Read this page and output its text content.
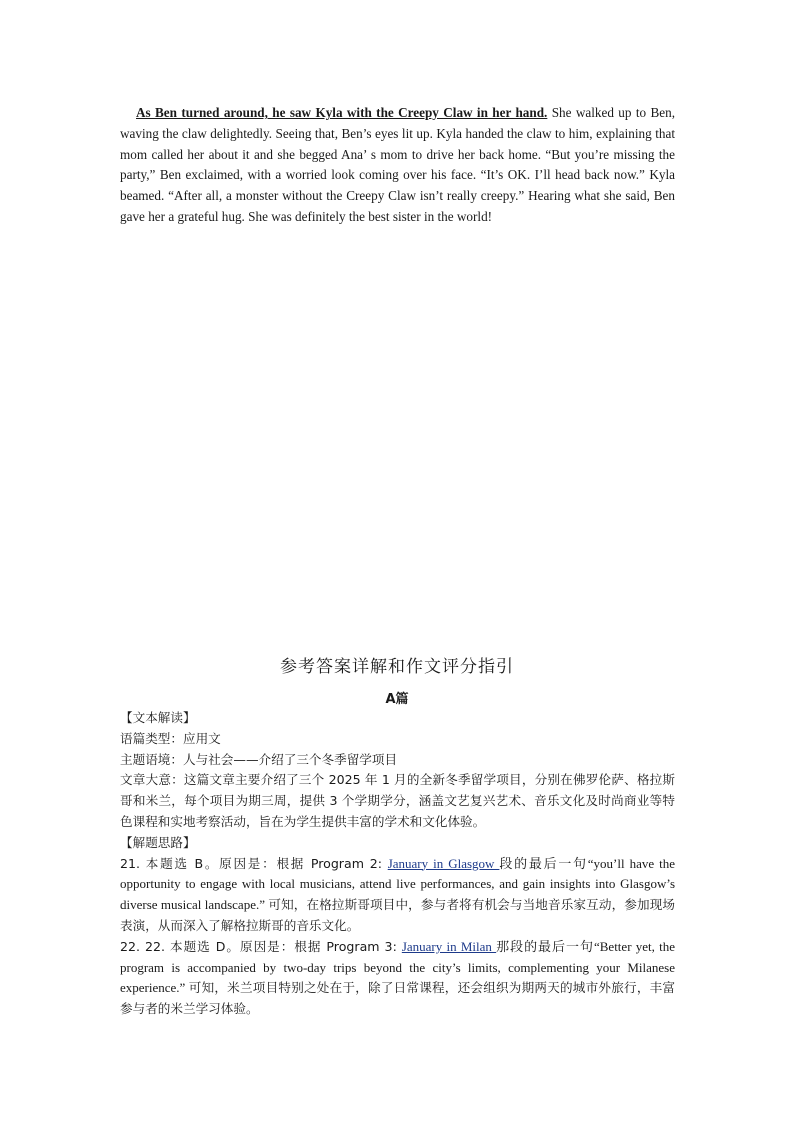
As Ben turned around, he saw Kyla with the Creepy Claw in her hand. She walked up to Ben, waving the claw delightedly. Seeing that, Ben’s eyes lit up. Kyla handed the claw to him, explaining that mom called her about it and she begged Ana’ s mom to drive her back home. “But you’re missing the party,” Ben exclaimed, with a worried look coming over his face. “It’s OK. I’ll head back now.” Kyla beamed. “After all, a monster without the Creepy Claw isn’t really creepy.” Hearing what she said, Ben gave her a grateful hug. She was definitely the best sister in the world!

参考答案详解和作文评分指引
A篇

【文本解读】

语篇类型：应用文

主题语境：人与社会——介绍了三个冬季留学项目

文章大意：这篇文章主要介绍了三个 2025 年 1 月的全新冬季留学项目，分别在佛罗伦萨、格拉斯哥和米兰，每个项目为期三周，提供 3 个学期学分，涵盖文艺复兴艺术、音乐文化及时尚商业等特色课程和实地考察活动，旨在为学生提供丰富的学术和文化体验。

【解题思路】

21. 本题选 B。原因是：根据 Program 2: January in Glasgow 段的最后一句“you’ll have the opportunity to engage with local musicians, attend live performances, and gain insights into Glasgow’s diverse musical landscape.” 可知，在格拉斯哥项目中，参与者将有机会与当地音乐家互动，参加现场表演，从而深入了解格拉斯哥的音乐文化。

22. 22. 本题选 D。原因是：根据 Program 3: January in Milan 那段的最后一句“Better yet, the program is accompanied by two-day trips beyond the city’s limits, complementing your Milanese experience.” 可知，米兰项目特别之处在于，除了日常课程，还会组织为期两天的城市外旅行，丰富参与者的米兰学习体验。
